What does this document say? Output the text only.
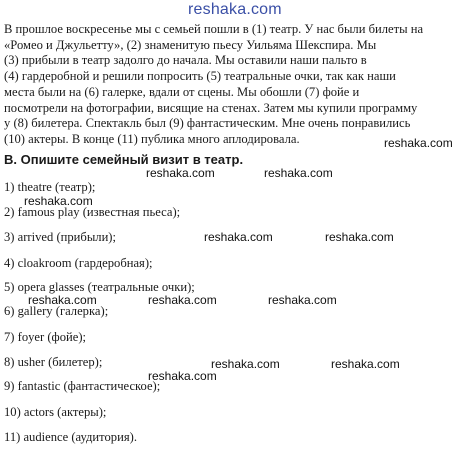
reshaka.com
В прошлое воскресенье мы с семьей пошли в (1) театр. У нас были билеты на
«Ромео и Джульетту», (2) знаменитую пьесу Уильяма Шекспира. Мы
(3) прибыли в театр задолго до начала. Мы оставили наши пальто в
(4) гардеробной и решили попросить (5) театральные очки, так как наши
места были на (6) галерке, вдали от сцены. Мы обошли (7) фойе и
посмотрели на фотографии, висящие на стенах. Затем мы купили программу
у (8) билетера. Спектакль был (9) фантастическим. Мне очень понравились
(10) актеры. В конце (11) публика много аплодировала.	reshaka.com
B. Опишите семейный визит в театр.
reshaka.com	reshaka.com
1) theatre (театр);
reshaka.com
2) famous play (известная пьеса);
3) arrived (прибыли);	reshaka.com	reshaka.com
4) cloakroom (гардеробная);
5) opera glasses (театральные очки);
reshaka.com	reshaka.com	reshaka.com
6) gallery (галерка);
7) foyer (фойе);
8) usher (билетер);	reshaka.com	reshaka.com
reshaka.com
9) fantastic (фантастическое);
10) actors (актеры);
11) audience (аудитория).
